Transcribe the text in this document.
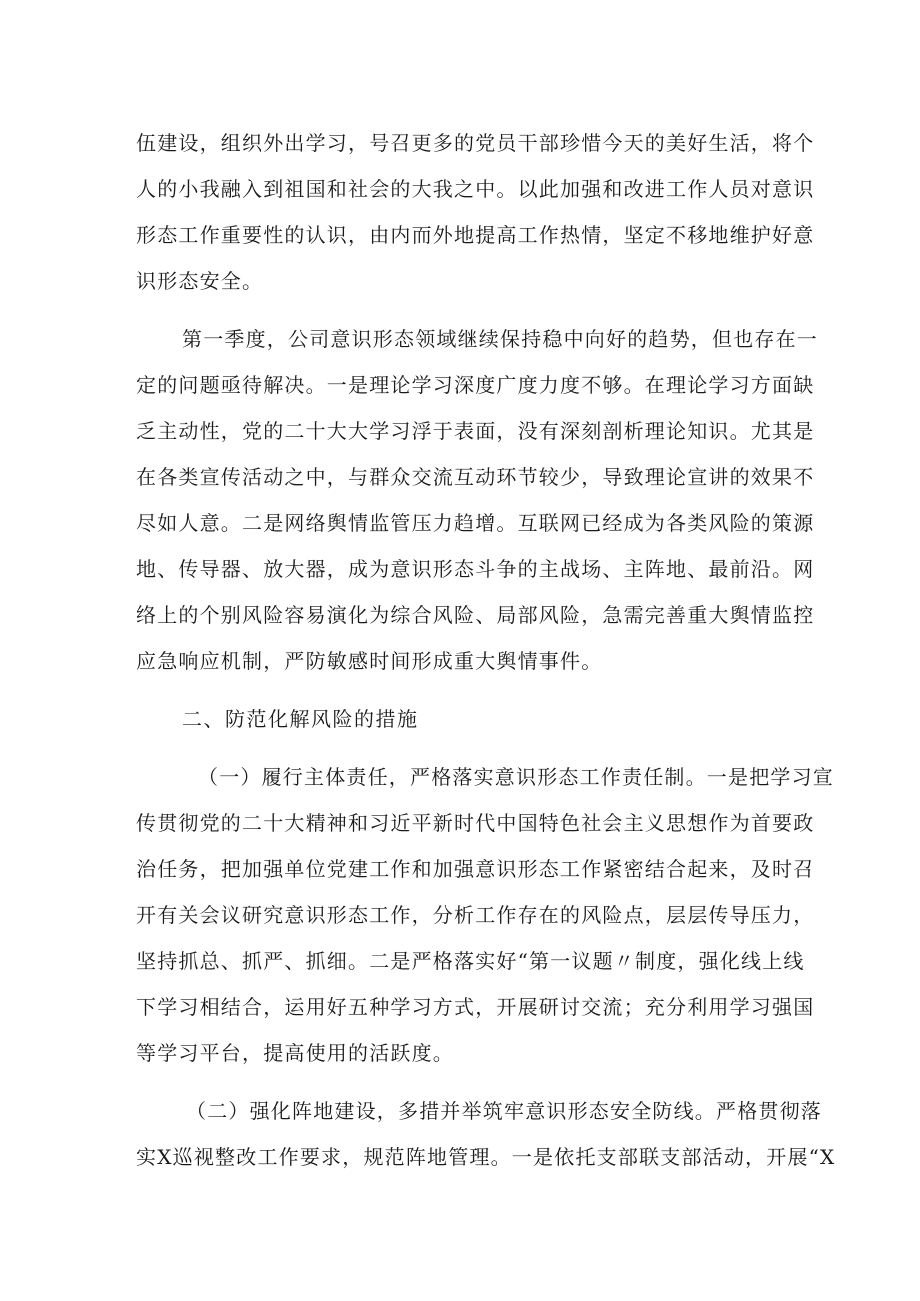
伍建设，组织外出学习，号召更多的党员干部珍惜今天的美好生活，将个
人的小我融入到祖国和社会的大我之中。以此加强和改进工作人员对意识
形态工作重要性的认识，由内而外地提高工作热情，坚定不移地维护好意
识形态安全。
第一季度，公司意识形态领域继续保持稳中向好的趋势，但也存在一
定的问题亟待解决。一是理论学习深度广度力度不够。在理论学习方面缺
乏主动性，党的二十大大学习浮于表面，没有深刻剖析理论知识。尤其是
在各类宣传活动之中，与群众交流互动环节较少，导致理论宣讲的效果不
尽如人意。二是网络舆情监管压力趋增。互联网已经成为各类风险的策源
地、传导器、放大器，成为意识形态斗争的主战场、主阵地、最前沿。网
络上的个别风险容易演化为综合风险、局部风险，急需完善重大舆情监控
应急响应机制，严防敏感时间形成重大舆情事件。
二、防范化解风险的措施
（一）履行主体责任，严格落实意识形态工作责任制。一是把学习宣
传贯彻党的二十大精神和习近平新时代中国特色社会主义思想作为首要政
治任务，把加强单位党建工作和加强意识形态工作紧密结合起来，及时召
开有关会议研究意识形态工作，分析工作存在的风险点，层层传导压力，
坚持抓总、抓严、抓细。二是严格落实好“第一议题〃制度，强化线上线
下学习相结合，运用好五种学习方式，开展研讨交流；充分利用学习强国
等学习平台，提高使用的活跃度。
（二）强化阵地建设，多措并举筑牢意识形态安全防线。严格贯彻落
实X巡视整改工作要求，规范阵地管理。一是依托支部联支部活动，开展“X
